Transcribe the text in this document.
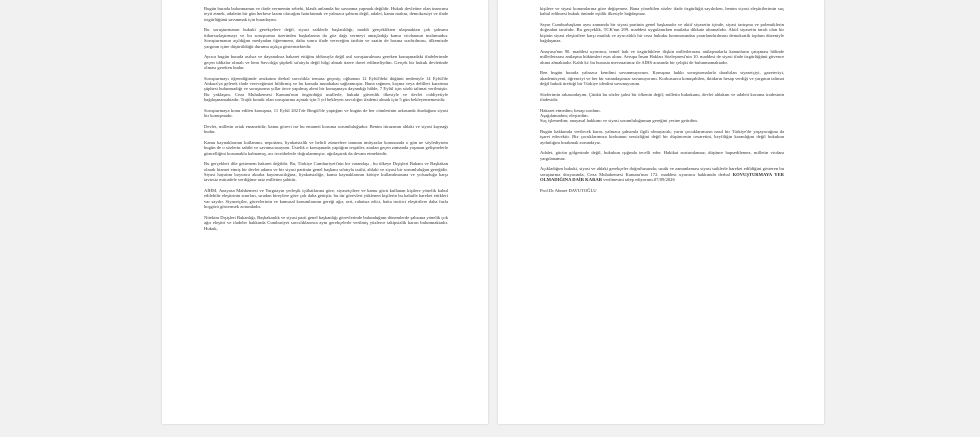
Bugün burada bulunmamın ve ifade vermemin sebebi, klasik anlamda bir savunma yapmak değildir. Hukuk devletine olan inancımı teyit etmek, adaletin bir gün herkese lazım olacağını hatırlatmak ve yalnızca şahsım değil, adalet, kamu malını, demokrasiyi ve ifade özgürlüğünü savunmak için buradayım.

Bu soruşturmanın hukuki gerekçelere değil, siyasi saiklerle başlatıldığı; maddi gerçeklikten ulaşmaktan çok şahsımı itibarsızlaştırmayı ve bu soruşturma üzerinden başkalarına da göz dağı vermeyi amaçladığı kamu vicdanının malumudur. Soruşturmanın açıldığını medyadan öğrenmem, daha sonra ifade vereceğim tarihin ve saatin de basına sızdırılması, ülkemizde yargının içine düşürüldüğü durumu açıkça göstermektedir.

Ayrıca bugün burada asılsız ve dayanaksız hakaret ettiğim iddiasıyla değil asıl soruşturulması gereken konuşmadaki ifadelerimde geçen iddialar olmalı ve hem Savcılığa şüpheli sıfatıyla değil bilgi almak üzere davet edilmeliydim. Gerçek bir hukuk devletinde olması gereken budur.

Soruşturmayı öğrendiğimde avukatım derhal savcılıkla temasa geçmiş; oğlumun 12 Eylül'deki düğünü nedeniyle 14 Eylül'de Ankara'ya gelerek ifade vereceğimizi bildirmiş ve bu konuda mutabakat sağlanmıştır. Buna rağmen, kaçma veya delilleri karartma şüphesi bulunmadığı ve soruşturma yıllar önce yapılmış aleni bir konuşmaya dayandığı hâlde, 7 Eylül için sözlü talimat verilmiştir. Bu yaklaşım, Ceza Muhakemesi Kanunu'nun öngördüğü usullerle, hukuki güvenlik ilkesiyle ve devlet ciddiyetiyle bağdaşmamaktadır. Trajik komik olan soruşturma açmak için 5 yıl bekleyen savcılığın ifademi almak için 5 gün bekleyememesidir.

Soruşturmaya konu edilen konuşma, 11 Eylül 2021'de Bingöl'de yaptığım ve bugün de her cümlesinin arkasında durduğum siyasi bir konuşmadır.

Devlet, milletin ortak emanetidir; kamu görevi ise bu emaneti koruma sorumluluğudur. Benim itirazımın ahlaki ve siyasi kaynağı budur.

Kamu kaynaklarının kullanımı, nepotizm, liyakatsizlik ve belirli zümrelere tanınan imtiyazlar konusunda o gün ne söylediysem bugün de o sözlerin sahibi ve savunucusuyum. Üstelik o konuşmada yaptığım tespitler, aradan geçen zamanda yaşanan gelişmelerle güncelliğini korumakla kalmamış, acı tecrübelerle doğrulanmıştır; ağırlaşarak da devam etmektedir.

Bu gerçekleri dile getirmem hakaret değildir. Bu, Türkiye Cumhuriyeti'nin bir vatandaşı , bu ülkeye Dışişleri Bakanı ve Başbakan olarak hizmet etmiş bir devlet adamı ve bir siyasi partinin genel başkanı sıfatıyla tarihi, ahlaki ve siyasi bir sorumluluğun gereğidir. Siyasi hayatım boyunca akraba kayırmacılığına, liyakatsizliğe, kamu kaynaklarının kötüye kullanılmasına ve yolsuzluğa karşı tavizsiz mücadele verdiğime aziz milletim şahittir.

AİHM, Anayasa Mahkemesi ve Yargıtayın yerleşik içtihatlarına göre, siyasetçilere ve kamu gücü kullanan kişilere yönelik kabul edilebilir eleştirinin sınırları, sıradan bireylere göre çok daha geniştir, bu tür görevleri yüklenen kişilerin bu kabulle hareket ettikleri var sayılır. Siyasetçiler, görevlerinin ve kamusal konumlarının gereği ağır, sert, rahatsız edici, hatta incitici eleştirilere daha fazla hoşgörü göstermek zorundadır.

Nitekim Dışişleri Bakanlığı, Başbakanlık ve siyasi parti genel başkanlığı görevlerinde bulunduğum dönemlerde şahsıma yönelik çok ağır eleştiri ve ifadeler hakkında Cumhuriyet savcılıklarınca aynı gerekçelerle verilmiş yüzlerce takipsizlik kararı bulunmaktadır. Hukuk,

kişilere ve siyasi konumlarına göre değişemez. Bana yöneltilen sözler ifade özgürlüğü sayılırken, benim siyasi eleştirilerimin suç kabul edilmesi hukuk önünde eşitlik ilkesiyle bağdaşmaz.

Sayın Cumhurbaşkanı aynı zamanda bir siyasi partinin genel başkanıdır ve aktif siyasetin içinde, siyasi tartışma ve polemiklerin doğrudan tarafıdır. Bu gerçeklik, TCK'nın 299. maddesi uygulanırken mutlaka dikkate alınmalıdır. Aktif siyasetin tarafı olan bir kişinin siyasi eleştirilere karşı mutlak ve ayrıcalıklı bir ceza hukuku korumasından yararlandırılması demokratik toplum düzeniyle bağdaşmaz.

Anayasa'nın 90. maddesi uyarınca, temel hak ve özgürlüklere ilişkin milletlerarası antlaşmalarla kanunların çatışması hâlinde milletlerarası antlaşma hükümleri esas alınır. Avrupa İnsan Hakları Sözleşmesi'nin 10. maddesi de siyasi ifade özgürlüğünü güvence altına almaktadır. Kaldı ki: bu hususta mevzuatımız ile AİHS arasında bir çelişki de bulunmamaktadır.

Ben bugün burada yalnızca kendimi savunmuyorum. Konuşma hakkı soruşturmalarla daraltılan siyasetçiyi, gazeteciyi, akademisyeni, öğrenciyi ve her bir vatandaşımızı savunuyorum. Korkusuzca konuşabilen, iktidarın hesap verdiği ve yargının talimat değil hukuk ürettiği bir Türkiye idealini savunuyorum.

Sözlerimin arkasındayım. Çünkü bu sözler şahsi bir öfkenin değil; milletin hukukunu, devlet ahlakını ve adaleti koruma iradesinin ifadesidir.

Hakaret etmedim; hesap sordum.

Aşağılamadım; eleştirdim.

Suç işlemedim; anayasal hakkımı ve siyasi sorumluluğumun gereğini yerine getirdim.

Bugün hakkımda verilecek karar, yalnızca şahsımla ilgili olmayacak; yarın çocuklarımızın nasıl bir Türkiye'de yaşayacağına da işaret edecektir. Biz çocuklarımıza korkunun sessizliğini değil bir düşüncenin cesaretini, keyfiliğin karanlığını değil hukukun aydınlığını bırakmak zorundayız.

Adalet, gücün gölgesinde değil, hukukun ışığında tecelli eder. Hakikat susturulamaz, düşünce hapsedilemez, milletin vicdanı yargılanamaz.

Açıkladığım hukuki, siyasi ve ahlaki gerekçeler doğrultusunda; usulü ve zamanlaması siyasi saiklerle hareket edildiğini gösteren bu soruşturma dosyasında, Ceza Muhakemesi Kanunu'nun 172. maddesi uyarınca hakkımda derhal KOVUŞTURMAYA YER OLMADIĞINA DAİR KARAR verilmesini talep ediyorum.07/09/2026

Prof.Dr Ahmet DAVUTOĞLU
